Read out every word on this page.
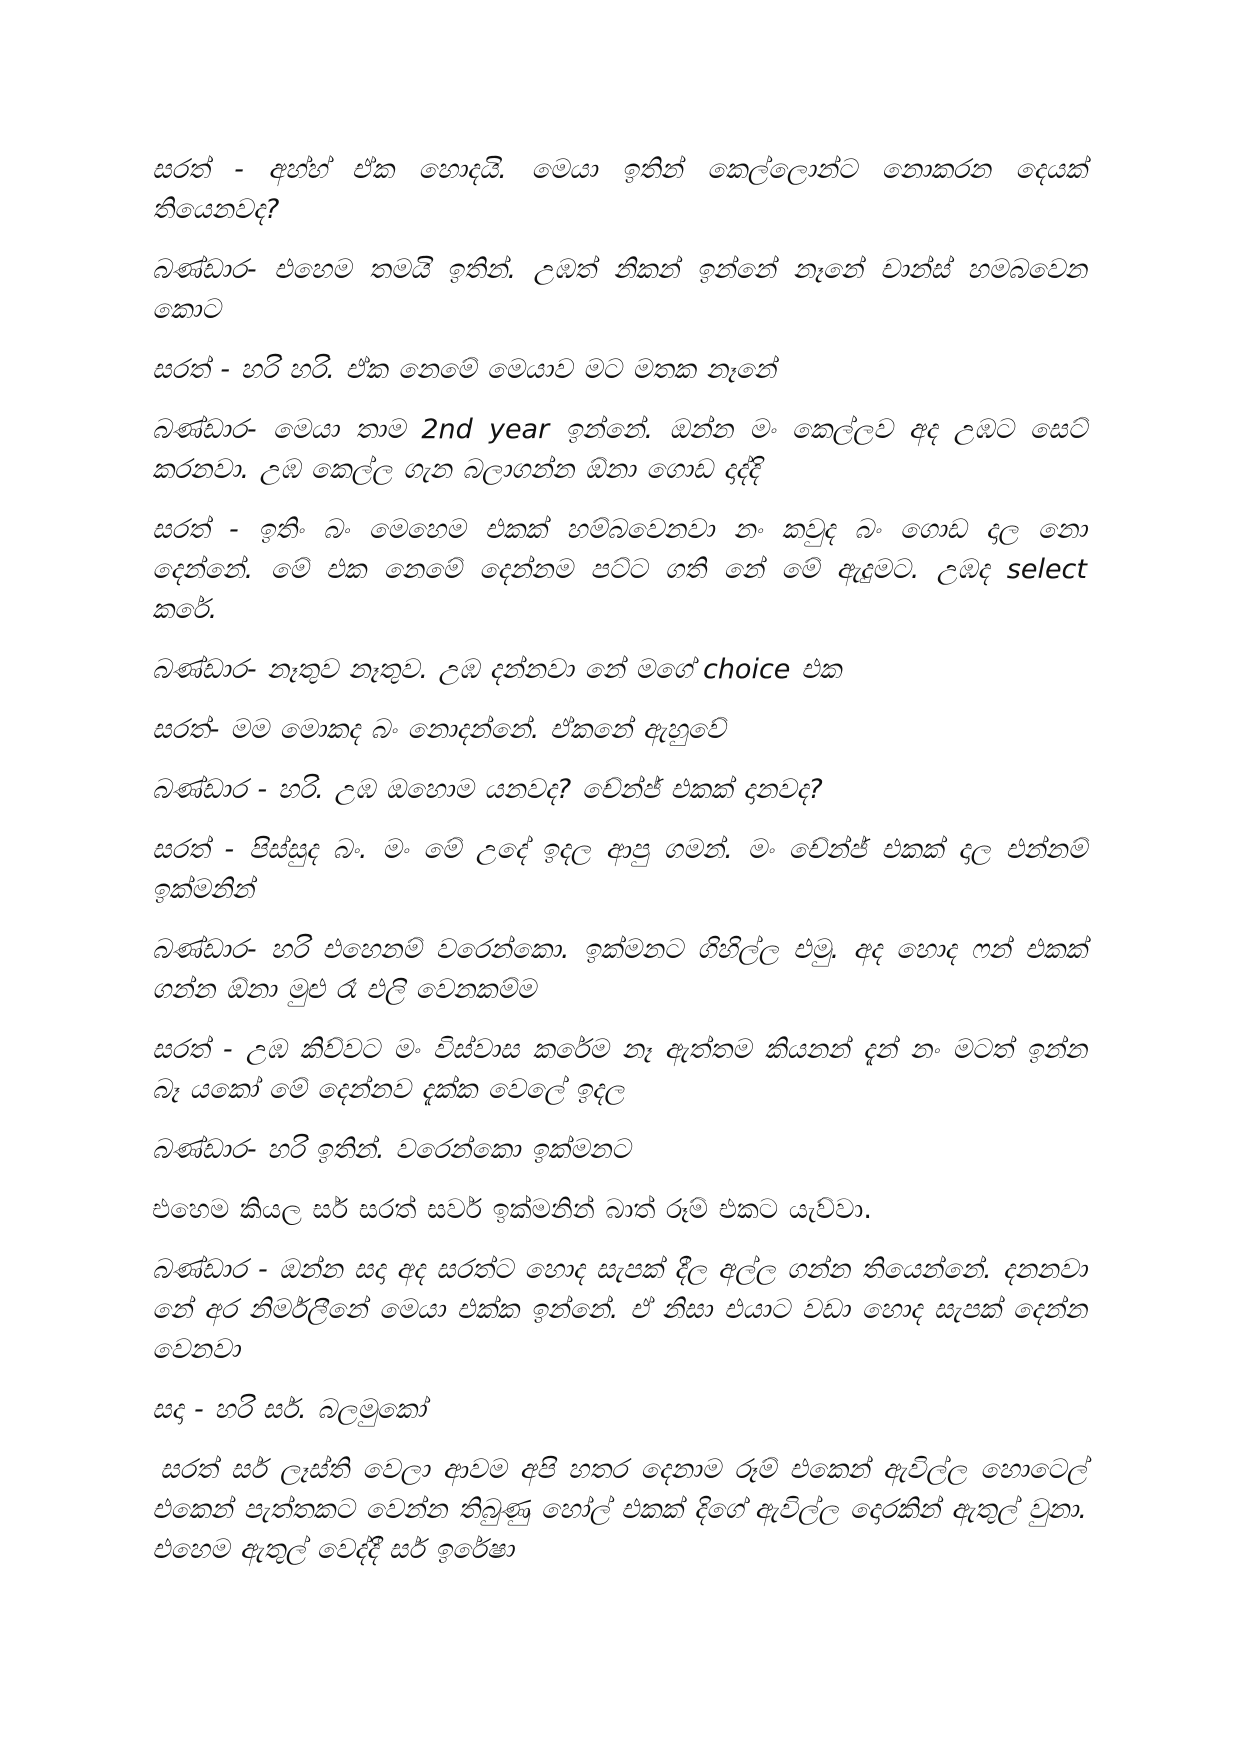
සරත් - අහ්හ් ඒක හොදයි. මෙයා ඉතින් කෙල්ලොන්ට නොකරන දෙයක් තියෙනවද?

බණ්ඩාර- එහෙම තමයි ඉතින්. උඹත් නිකන් ඉන්නේ නෑනේ චාන්ස් හමබවෙන කොට

සරත් - හරි හරි. ඒක නෙමේ මෙයාව මට මතක නෑනේ

බණ්ඩාර- මෙයා තාම 2nd year ඉන්නේ. ඔන්න මං කෙල්ලව අද උඹට සෙට් කරනවා. උඹ කෙල්ල ගැන බලාගන්න ඕනා ගොඩ දාද්දි

සරත් - ඉතිං බං මෙහෙම එකක් හම්බවෙනවා නං කවුද බං ගොඩ දාල නො දෙන්නේ. මේ එක නෙමේ දෙන්නම පට්ට ගති නේ මේ ඇදුමට. උඹද select කරේ.

බණ්ඩාර- නෑතුව නෑතුව. උඹ දන්නවා නේ මගේ choice එක

සරත්- මම මොකද බං නොදන්නේ. ඒකනේ ඇහුවේ

බණ්ඩාර - හරි. උඹ ඔහොම යනවද? චේන්ජ් එකක් දානවද?

සරත් - පිස්සුද බං. මං මේ උදේ ඉදල ආපු ගමන්. මං චේන්ජ් එකක් දාල එන්නම් ඉක්මනින්

බණ්ඩාර- හරි එහෙනම් වරෙන්කො. ඉක්මනට ගිහිල්ල එමු. අද හොද ෆන් එකක් ගන්න ඕනා මුළු රෑ එලි වෙනකම්ම

සරත් - උඹ කිව්වට මං විස්වාස කරේම නෑ ඇත්තම කියනන් දැන් නං මටත් ඉන්න බෑ යකෝ මේ දෙන්නව දැක්ක වෙලේ ඉදල

බණ්ඩාර- හරි ඉතින්. වරෙන්කො ඉක්මනට

එහෙම කියල සර් සරත් සර්ව ඉක්මනින් බාත් රූම් එකට යැව්වා.

බණ්ඩාර - ඔන්න සදා අද සරත්ට හොද සැපක් දීල අල්ල ගන්න තියෙන්නේ. දනනවා නේ අර නිර්මලීනේ මෙයා එක්ක ඉන්නේ. ඒ නිසා එයාට වඩා හොද සැපක් දෙන්න වෙනවා

සදා - හරි සර්. බලමුකෝ

සරත් සර් ලෑස්ති වෙලා ආවම අපි හතර දෙනාම රූම් එකෙන් ඇවිල්ල හොටෙල් එකෙන් පැත්තකට වෙන්න තිබුණු හෝල් එකක් දිගේ ඇවිල්ල දොරකින් ඇතුල් වුනා. එහෙම ඇතුල් වෙද්දී සර් ඉරේෂා
